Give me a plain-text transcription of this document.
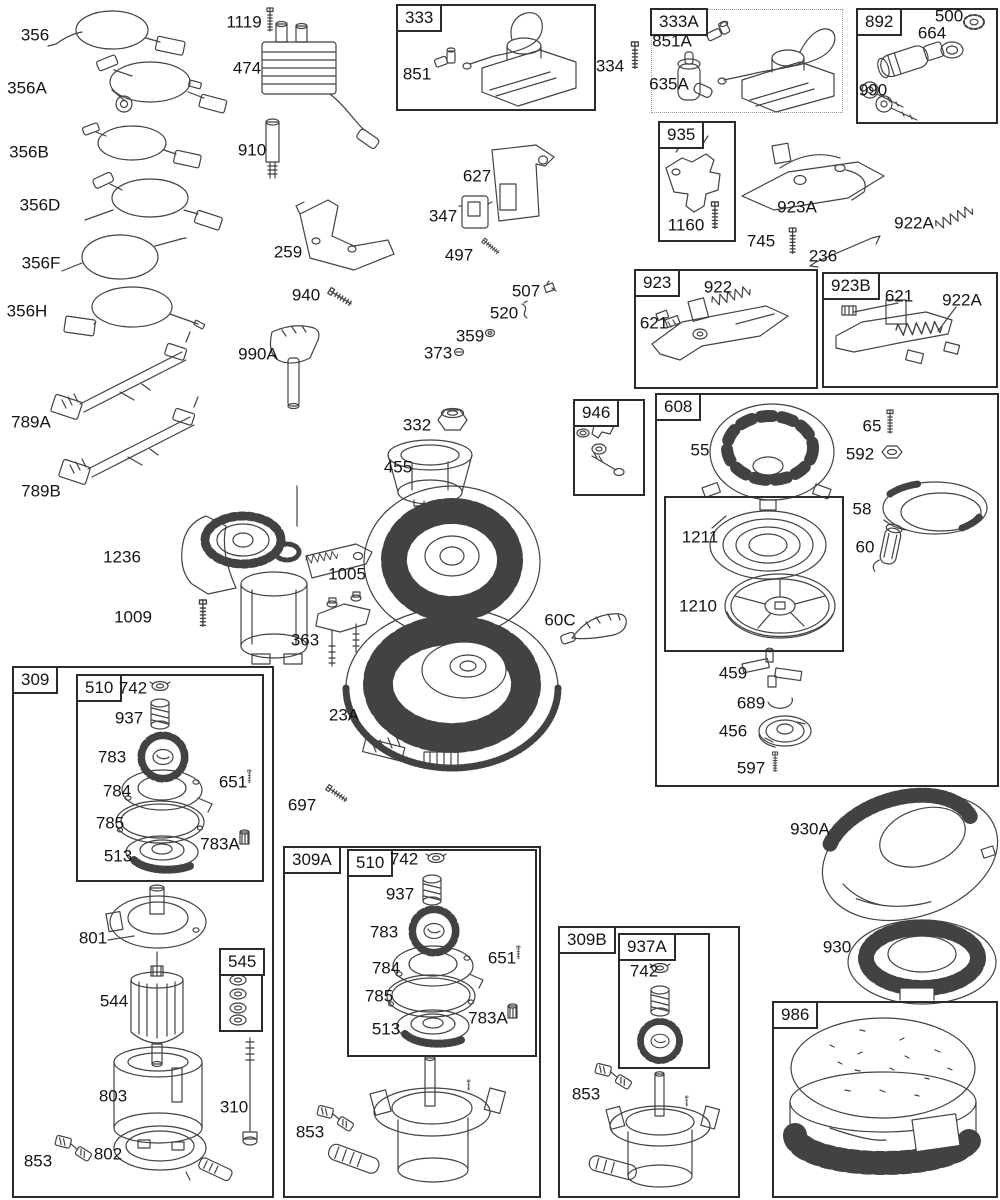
333	333A	892
935
923	923B
946	608
309	510
545
309A	510
309B	937A
986
356
356A
356B
356D
356F
356H
789A
789B
1119
474
910
259
940
990A
627
347
497
507
520
359
373
334
851
851A
635A
500
664
990
1160
923A
922A
745
236
922
621
621 922A
332
455
55
65
592
58
60
1211
1210
459
689
456
597
1236
1009
1005
363
60C
23A
697
742
937
783
784
785
513
651
783A
801
544
803
310
802
853
742
937
783
784
785
513
651
783A
853
742
853
930A
930
